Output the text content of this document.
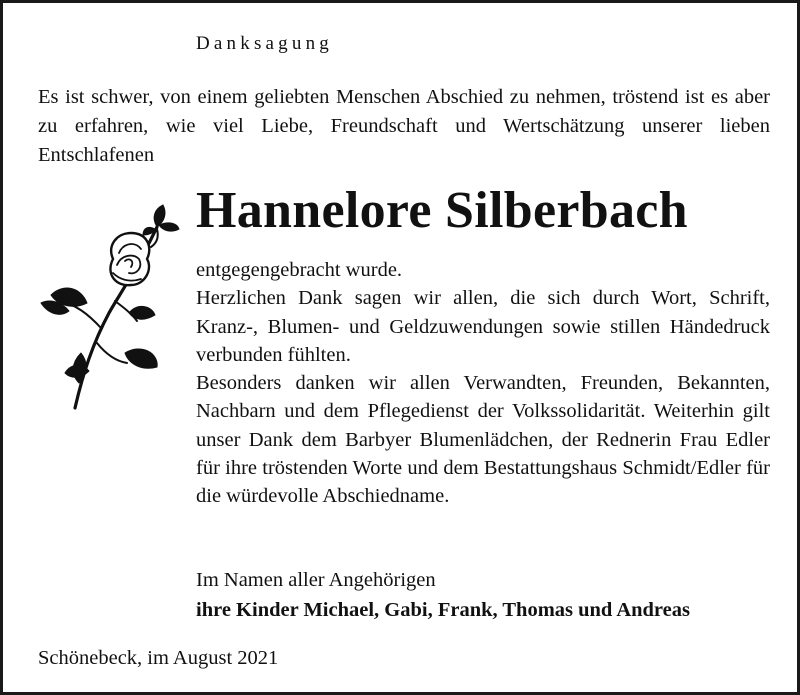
Danksagung

Es ist schwer, von einem geliebten Menschen Abschied zu nehmen, tröstend ist es aber zu erfahren, wie viel Liebe, Freundschaft und Wertschätzung unserer lieben Entschlafenen

Hannelore Silberbach

entgegengebracht wurde.

Herzlichen Dank sagen wir allen, die sich durch Wort, Schrift, Kranz-, Blumen- und Geldzuwendungen sowie stillen Händedruck verbunden fühlten.

Besonders danken wir allen Verwandten, Freunden, Bekannten, Nachbarn und dem Pflegedienst der Volkssolidarität. Weiterhin gilt unser Dank dem Barbyer Blumenlädchen, der Rednerin Frau Edler für ihre tröstenden Worte und dem Bestattungshaus Schmidt/Edler für die würdevolle Abschiedname.

Im Namen aller Angehörigen
ihre Kinder Michael, Gabi, Frank, Thomas und Andreas
Schönebeck, im August 2021
